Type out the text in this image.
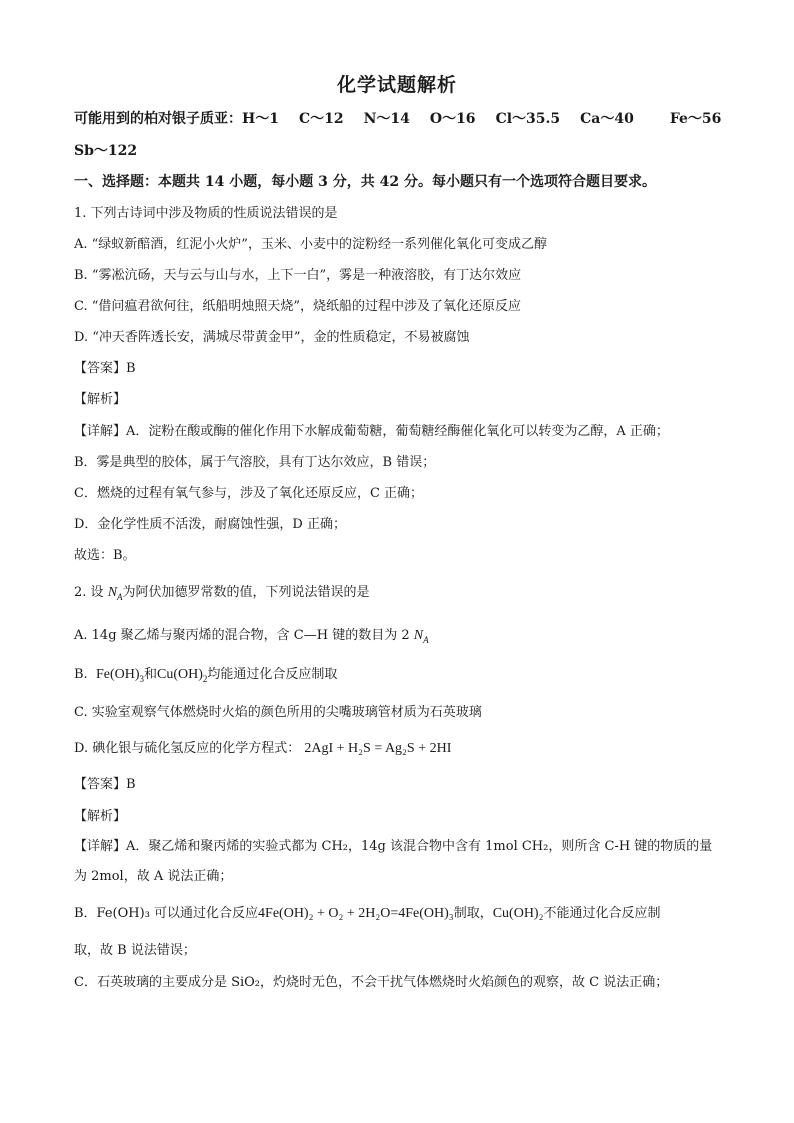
化学试题解析
可能用到的柏对银子质亚：H～1 C～12 N～14 O～16 Cl～35.5 Ca～40	Fe～56
Sb～122
一、选择题：本题共 14 小题，每小题 3 分，共 42 分。每小题只有一个选项符合题目要求。
1. 下列古诗词中涉及物质的性质说法错误的是
A. “绿蚁新醅酒，红泥小火炉”，玉米、小麦中的淀粉经一系列催化氧化可变成乙醇
B. “雾凇沆砀，天与云与山与水，上下一白”，雾是一种液溶胶，有丁达尔效应
C. “借问瘟君欲何往，纸船明烛照天烧”，烧纸船的过程中涉及了氧化还原反应
D. “冲天香阵透长安，满城尽带黄金甲”，金的性质稳定，不易被腐蚀
【答案】B
【解析】
【详解】A．淀粉在酸或酶的催化作用下水解成葡萄糖，葡萄糖经酶催化氧化可以转变为乙醇，A 正确；
B．雾是典型的胶体，属于气溶胶，具有丁达尔效应，B 错误；
C．燃烧的过程有氧气参与，涉及了氧化还原反应，C 正确；
D．金化学性质不活泼，耐腐蚀性强，D 正确；
故选：B。
2. 设 $N_A$为阿伏加德罗常数的值，下列说法错误的是
A. 14g 聚乙烯与聚丙烯的混合物，含 C—H 键的数目为 2 $N_A$
B. $Fe(OH)_3$和$Cu(OH)_2$均能通过化合反应制取
C. 实验室观察气体燃烧时火焰的颜色所用的尖嘴玻璃管材质为石英玻璃
D. 碘化银与硫化氢反应的化学方程式： 2AgI + H₂S = Ag₂S + 2HI
【答案】B
【解析】
【详解】A．聚乙烯和聚丙烯的实验式都为 CH₂，14g 该混合物中含有 1mol CH₂，则所含 C-H 键的物质的量为 2mol，故 A 说法正确；
B．Fe(OH)₃ 可以通过化合反应4Fe(OH)₂ + O₂ + 2H₂O=4Fe(OH)₃制取，Cu(OH)₂不能通过化合反应制
取，故 B 说法错误；
C．石英玻璃的主要成分是 SiO₂，灼烧时无色，不会干扰气体燃烧时火焰颜色的观察，故 C 说法正确；
